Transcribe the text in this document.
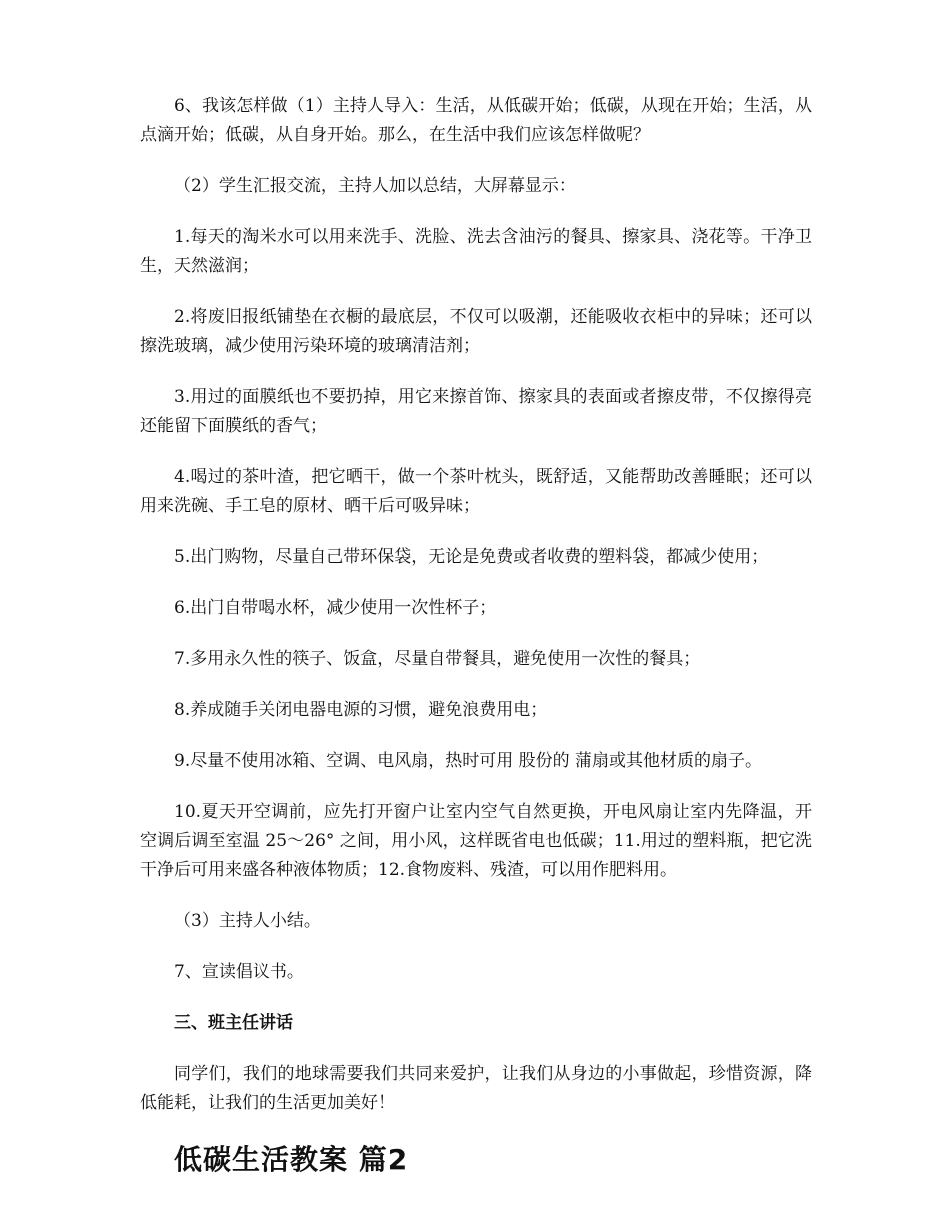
6、我该怎样做（1）主持人导入：生活，从低碳开始；低碳，从现在开始；生活，从点滴开始；低碳，从自身开始。那么，在生活中我们应该怎样做呢？

（2）学生汇报交流，主持人加以总结，大屏幕显示：

1.每天的淘米水可以用来洗手、洗脸、洗去含油污的餐具、擦家具、浇花等。干净卫生，天然滋润；

2.将废旧报纸铺垫在衣橱的最底层，不仅可以吸潮，还能吸收衣柜中的异味；还可以擦洗玻璃，减少使用污染环境的玻璃清洁剂；

3.用过的面膜纸也不要扔掉，用它来擦首饰、擦家具的表面或者擦皮带，不仅擦得亮还能留下面膜纸的香气；

4.喝过的茶叶渣，把它晒干，做一个茶叶枕头，既舒适，又能帮助改善睡眠；还可以用来洗碗、手工皂的原材、晒干后可吸异味；

5.出门购物，尽量自己带环保袋，无论是免费或者收费的塑料袋，都减少使用；

6.出门自带喝水杯，减少使用一次性杯子；

7.多用永久性的筷子、饭盒，尽量自带餐具，避免使用一次性的餐具；

8.养成随手关闭电器电源的习惯，避免浪费用电；

9.尽量不使用冰箱、空调、电风扇，热时可用 股份的 蒲扇或其他材质的扇子。

10.夏天开空调前，应先打开窗户让室内空气自然更换，开电风扇让室内先降温，开空调后调至室温 25～26° 之间，用小风，这样既省电也低碳；11.用过的塑料瓶，把它洗干净后可用来盛各种液体物质；12.食物废料、残渣，可以用作肥料用。

（3）主持人小结。

7、宣读倡议书。

三、班主任讲话

同学们，我们的地球需要我们共同来爱护，让我们从身边的小事做起，珍惜资源，降低能耗，让我们的生活更加美好！

低碳生活教案 篇2
